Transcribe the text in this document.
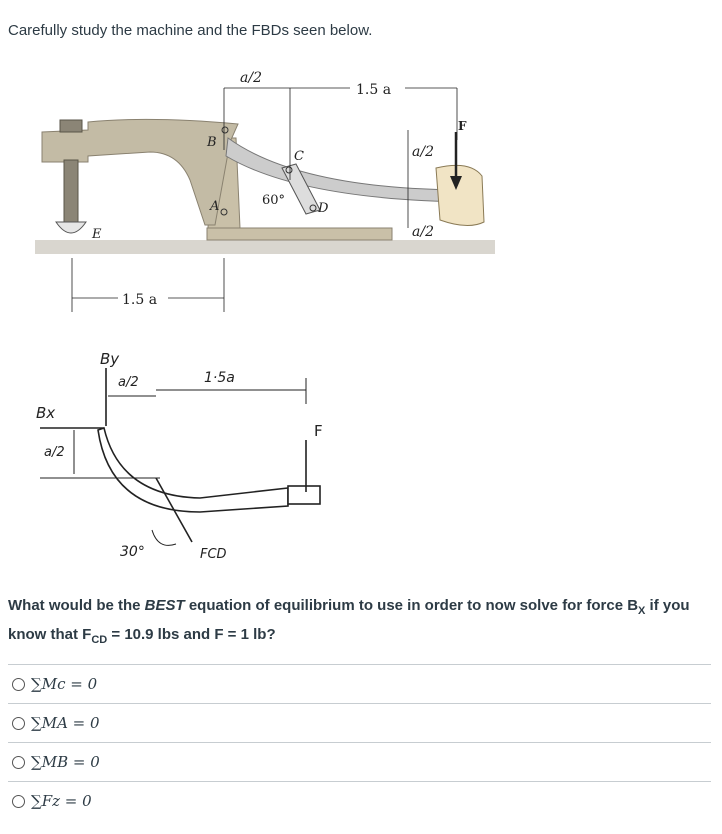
Carefully study the machine and the FBDs seen below.
a/2
1.5 a
B
C
A	D
E
F
60°
a/2
a/2
1.5 a
By
Bx
a/2
a/2	1·5a
F
30°	FCD
What would be the BEST equation of equilibrium to use in order to now solve for force $B_X$ if you know that $F_{CD} = 10.9$ lbs and F = 1 lb?
∑Mc = 0
∑MA = 0
∑MB = 0
∑Fz = 0
